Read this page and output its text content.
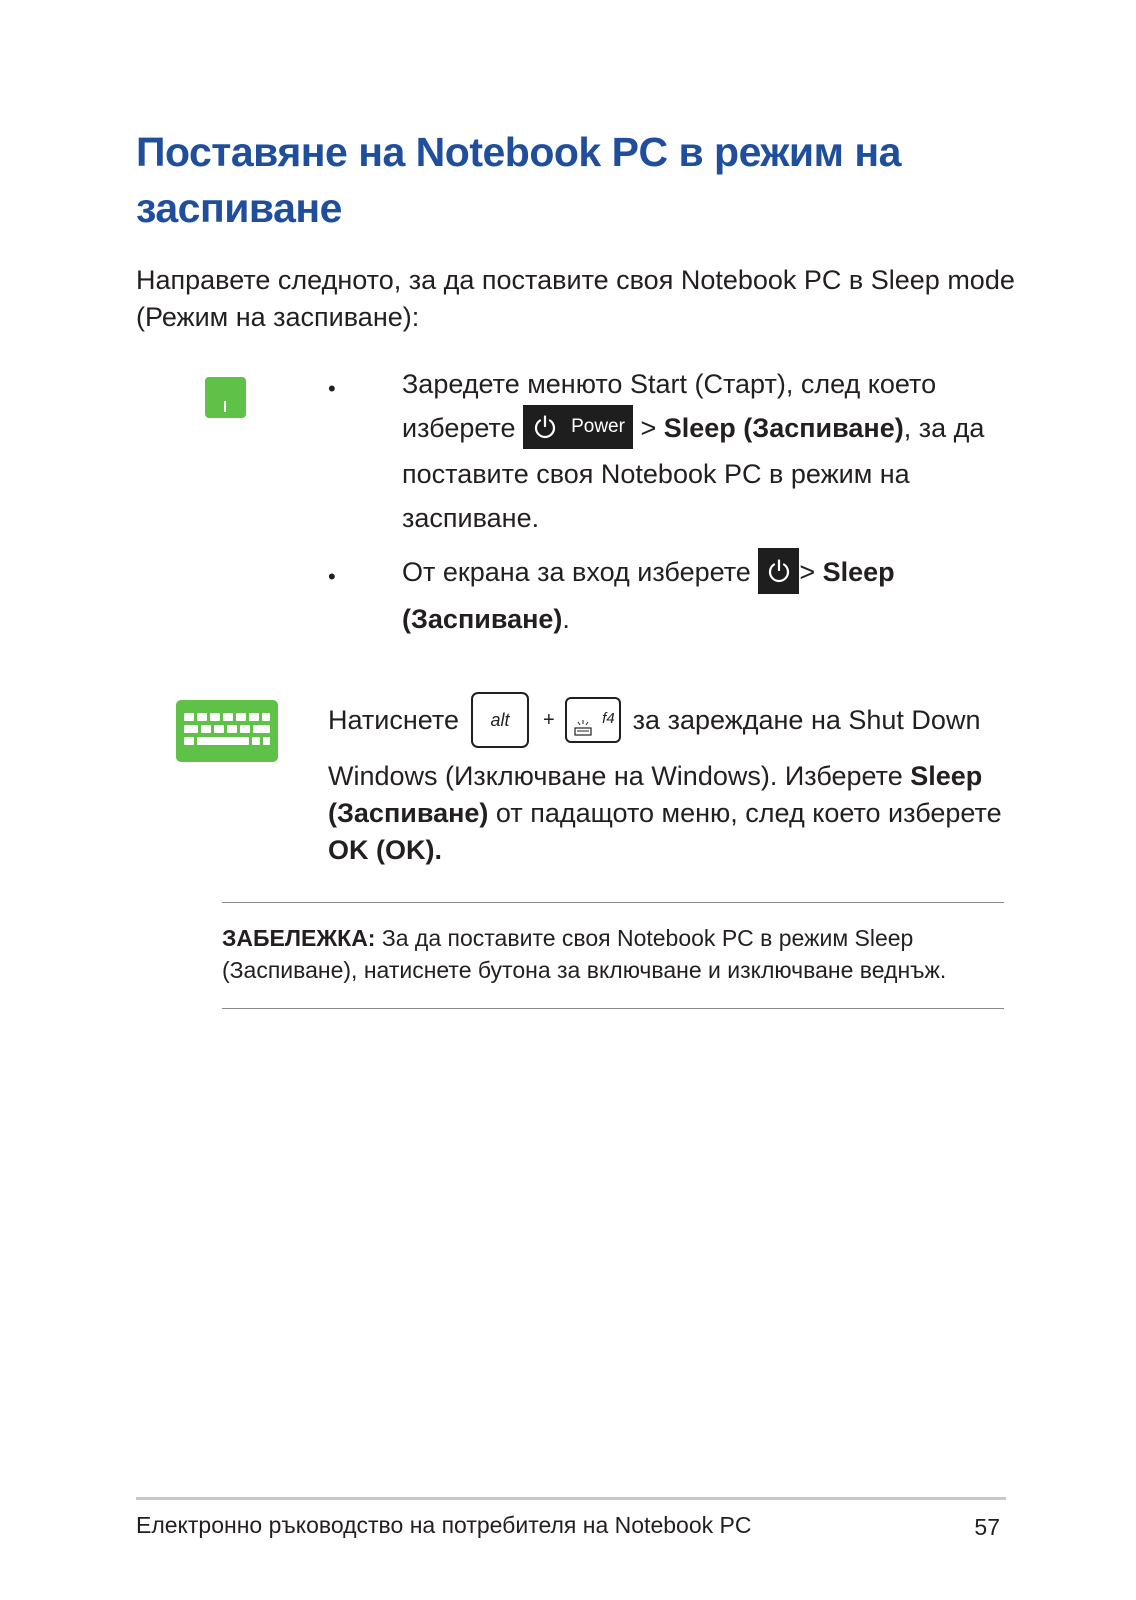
Поставяне на Notebook PC в режим на заспиване

Направете следното, за да поставите своя Notebook PC в Sleep mode (Режим на заспиване):

• Заредете менюто Start (Старт), след което изберете	Power > Sleep (Заспиване), за да поставите своя Notebook PC в режим на заспиване.

• От екрана за вход изберете > Sleep (Заспиване).

Натиснете	alt	+	f4 за зареждане на Shut Down
Windows (Изключване на Windows). Изберете Sleep (Заспиване) от падащото меню, след което изберете OK (OK).

ЗАБЕЛЕЖКА: За да поставите своя Notebook PC в режим Sleep (Заспиване), натиснете бутона за включване и изключване веднъж.

Електронно ръководство на потребителя на Notebook PC	57
